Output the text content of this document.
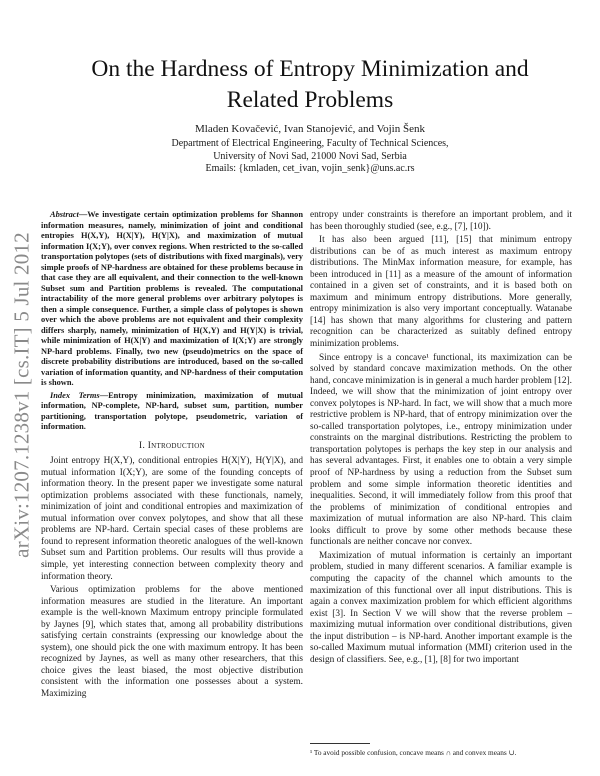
arXiv:1207.1238v1 [cs.IT] 5 Jul 2012
On the Hardness of Entropy Minimization and
Related Problems
Mladen Kovačević, Ivan Stanojević, and Vojin Šenk
Department of Electrical Engineering, Faculty of Technical Sciences,
University of Novi Sad, 21000 Novi Sad, Serbia
Emails: {kmladen, cet_ivan, vojin_senk}@uns.ac.rs

Abstract—We investigate certain optimization problems for Shannon information measures, namely, minimization of joint and conditional entropies H(X,Y), H(X|Y), H(Y|X), and maximization of mutual information I(X;Y), over convex regions. When restricted to the so-called transportation polytopes (sets of distributions with fixed marginals), very simple proofs of NP-hardness are obtained for these problems because in that case they are all equivalent, and their connection to the well-known Subset sum and Partition problems is revealed. The computational intractability of the more general problems over arbitrary polytopes is then a simple consequence. Further, a simple class of polytopes is shown over which the above problems are not equivalent and their complexity differs sharply, namely, minimization of H(X,Y) and H(Y|X) is trivial, while minimization of H(X|Y) and maximization of I(X;Y) are strongly NP-hard problems. Finally, two new (pseudo)metrics on the space of discrete probability distributions are introduced, based on the so-called variation of information quantity, and NP-hardness of their computation is shown.

Index Terms—Entropy minimization, maximization of mutual information, NP-complete, NP-hard, subset sum, partition, number partitioning, transportation polytope, pseudometric, variation of information.

I. Introduction

Joint entropy H(X,Y), conditional entropies H(X|Y), H(Y|X), and mutual information I(X;Y), are some of the founding concepts of information theory. In the present paper we investigate some natural optimization problems associated with these functionals, namely, minimization of joint and conditional entropies and maximization of mutual information over convex polytopes, and show that all these problems are NP-hard. Certain special cases of these problems are found to represent information theoretic analogues of the well-known Subset sum and Partition problems. Our results will thus provide a simple, yet interesting connection between complexity theory and information theory.

Various optimization problems for the above mentioned information measures are studied in the literature. An important example is the well-known Maximum entropy principle formulated by Jaynes [9], which states that, among all probability distributions satisfying certain constraints (expressing our knowledge about the system), one should pick the one with maximum entropy. It has been recognized by Jaynes, as well as many other researchers, that this choice gives the least biased, the most objective distribution consistent with the information one possesses about a system. Maximizing

entropy under constraints is therefore an important problem, and it has been thoroughly studied (see, e.g., [7], [10]).

It has also been argued [11], [15] that minimum entropy distributions can be of as much interest as maximum entropy distributions. The MinMax information measure, for example, has been introduced in [11] as a measure of the amount of information contained in a given set of constraints, and it is based both on maximum and minimum entropy distributions. More generally, entropy minimization is also very important conceptually. Watanabe [14] has shown that many algorithms for clustering and pattern recognition can be characterized as suitably defined entropy minimization problems.

Since entropy is a concave¹ functional, its maximization can be solved by standard concave maximization methods. On the other hand, concave minimization is in general a much harder problem [12]. Indeed, we will show that the minimization of joint entropy over convex polytopes is NP-hard. In fact, we will show that a much more restrictive problem is NP-hard, that of entropy minimization over the so-called transportation polytopes, i.e., entropy minimization under constraints on the marginal distributions. Restricting the problem to transportation polytopes is perhaps the key step in our analysis and has several advantages. First, it enables one to obtain a very simple proof of NP-hardness by using a reduction from the Subset sum problem and some simple information theoretic identities and inequalities. Second, it will immediately follow from this proof that the problems of minimization of conditional entropies and maximization of mutual information are also NP-hard. This claim looks difficult to prove by some other methods because these functionals are neither concave nor convex.

Maximization of mutual information is certainly an important problem, studied in many different scenarios. A familiar example is computing the capacity of the channel which amounts to the maximization of this functional over all input distributions. This is again a convex maximization problem for which efficient algorithms exist [3]. In Section V we will show that the reverse problem – maximizing mutual information over conditional distributions, given the input distribution – is NP-hard. Another important example is the so-called Maximum mutual information (MMI) criterion used in the design of classifiers. See, e.g., [1], [8] for two important

¹ To avoid possible confusion, concave means ∩ and convex means ∪.
